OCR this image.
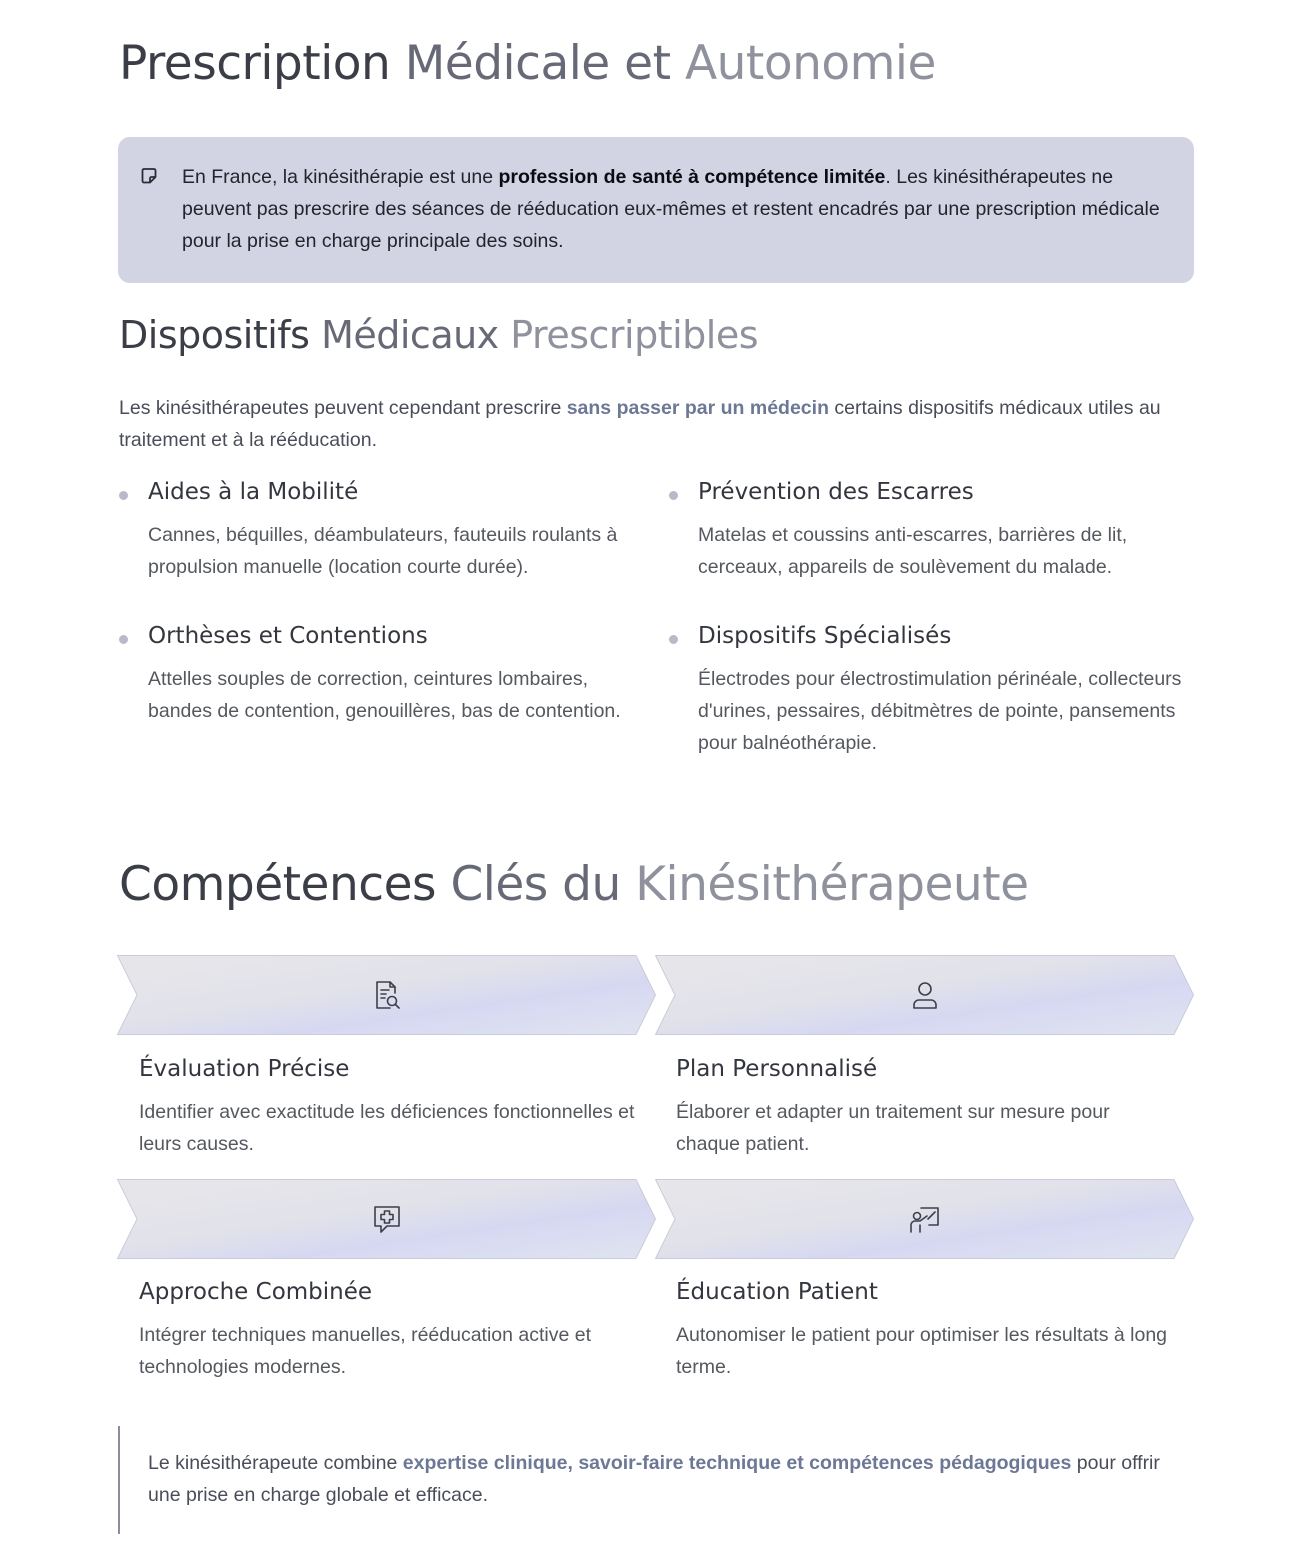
Prescription Médicale et Autonomie

En France, la kinésithérapie est une profession de santé à compétence limitée. Les kinésithérapeutes ne peuvent pas prescrire des séances de rééducation eux-mêmes et restent encadrés par une prescription médicale pour la prise en charge principale des soins.

Dispositifs Médicaux Prescriptibles

Les kinésithérapeutes peuvent cependant prescrire sans passer par un médecin certains dispositifs médicaux utiles au traitement et à la rééducation.

Aides à la Mobilité

Cannes, béquilles, déambulateurs, fauteuils roulants à propulsion manuelle (location courte durée).

Prévention des Escarres

Matelas et coussins anti-escarres, barrières de lit, cerceaux, appareils de soulèvement du malade.

Orthèses et Contentions

Attelles souples de correction, ceintures lombaires, bandes de contention, genouillères, bas de contention.

Dispositifs Spécialisés

Électrodes pour électrostimulation périnéale, collecteurs d'urines, pessaires, débitmètres de pointe, pansements pour balnéothérapie.

Compétences Clés du Kinésithérapeute
Évaluation Précise

Identifier avec exactitude les déficiences fonctionnelles et leurs causes.

Plan Personnalisé

Élaborer et adapter un traitement sur mesure pour chaque patient.

Approche Combinée

Intégrer techniques manuelles, rééducation active et technologies modernes.

Éducation Patient

Autonomiser le patient pour optimiser les résultats à long terme.

Le kinésithérapeute combine expertise clinique, savoir-faire technique et compétences pédagogiques pour offrir une prise en charge globale et efficace.
